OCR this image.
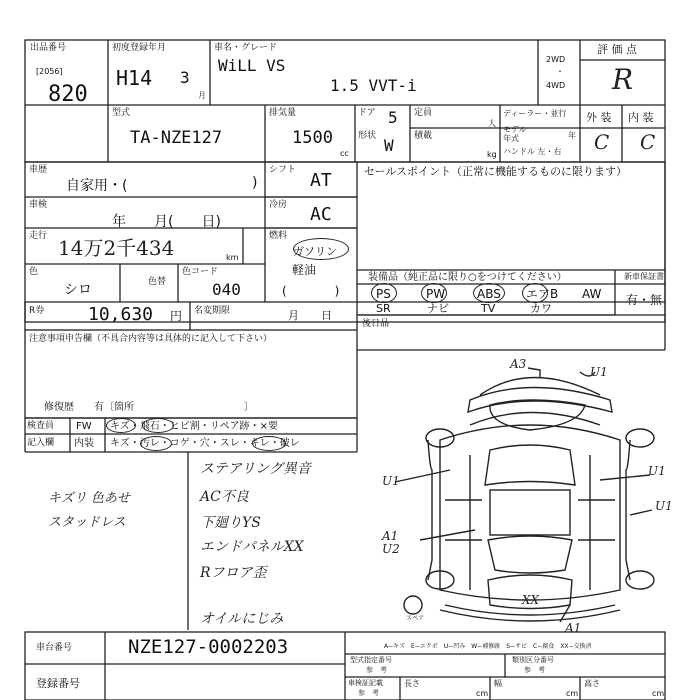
出品番号
[2056]
820
初度登録年月
H14 3
月
車名・グレード
WiLL VS
1.5 VVT-i
2WD
・
4WD
評 価 点
R
型式
TA-NZE127
排気量
1500
cc
ドア 5
形状 W
定員
人
積載
kg
ディーラー・並行
モデル
年式	年
ハンドル 左・右
外 装 内 装
C C
車歴
自家用・(	)
車検
年　　月(　　日)
走行 14万2千434	km
色
シロ	色替
色コード
040
シフト AT
冷房 AC
燃料
ガソリン
軽油
(　　　　)
R券 10,630 円 名変期限	月　　日
セールスポイント（正常に機能するものに限ります）
装備品（純正品に限り○をつけてください）	新車保証書
有・無
PS	PW	ABS エアB AW
SR	ナビ	TV	カワ
後日品
注意事項申告欄（不具合内容等は具体的に記入して下さい）
修復歴　　有〔箇所　　　　　　　　　　　〕
検査員
記入欄
FW キズ・飛石・ヒビ割・リペア跡・×要
内装 キズ・汚レ・コゲ・穴・スレ・キレ・破レ
ステアリング異音
AC不良
下廻りYS
エンドパネルXX
Rフロア歪
オイルにじみ
キズリ 色あせ
スタッドレス
A3
U1
U1
U1
U1
A1
U2
XX
A1
スペア
A−キズ　E−エクボ　U−凹み　W−補修跡　S−サビ　C−腐食　XX−交換済
車台番号	NZE127-0002203
登録番号
型式指定番号
参　考
類別区分番号
参　考
車検証記載
参　考
長さ
cm
幅
cm
高さ
cm
